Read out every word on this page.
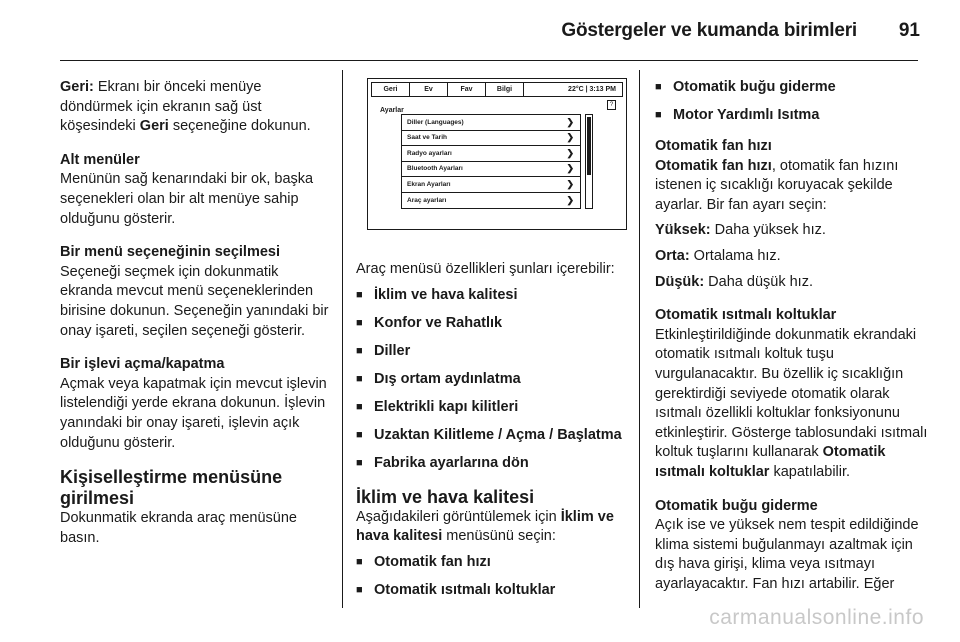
Göstergeler ve kumanda birimleri 91

Geri: Ekranı bir önceki menüye döndürmek için ekranın sağ üst köşesindeki Geri seçeneğine dokunun.

Alt menüler
Menünün sağ kenarındaki bir ok, başka seçenekleri olan bir alt menüye sahip olduğunu gösterir.

Bir menü seçeneğinin seçilmesi
Seçeneği seçmek için dokunmatik ekranda mevcut menü seçeneklerinden birisine dokunun. Seçeneğin yanındaki bir onay işareti, seçilen seçeneği gösterir.

Bir işlevi açma/kapatma
Açmak veya kapatmak için mevcut işlevin listelendiği yerde ekrana dokunun. İşlevin yanındaki bir onay işareti, işlevin açık olduğunu gösterir.

Kişiselleştirme menüsüne girilmesi

Dokunmatik ekranda araç menüsüne basın.

Geri	Ev	Fav	Bilgi	22°C | 3:13 PM
Ayarlar
?
Diller (Languages)	❯
Saat ve Tarih	❯
Radyo ayarları	❯
Bluetooth Ayarları	❯
Ekran Ayarları	❯
Araç ayarları	❯

Araç menüsü özellikleri şunları içerebilir:

■ İklim ve hava kalitesi
■ Konfor ve Rahatlık
■ Diller
■ Dış ortam aydınlatma
■ Elektrikli kapı kilitleri
■ Uzaktan Kilitleme / Açma / Başlatma
■ Fabrika ayarlarına dön
İklim ve hava kalitesi

Aşağıdakileri görüntülemek için İklim ve hava kalitesi menüsünü seçin:

■ Otomatik fan hızı
■ Otomatik ısıtmalı koltuklar
■ Otomatik buğu giderme
■ Motor Yardımlı Isıtma

Otomatik fan hızı
Otomatik fan hızı, otomatik fan hızını istenen iç sıcaklığı koruyacak şekilde ayarlar. Bir fan ayarı seçin:

Yüksek: Daha yüksek hız.

Orta: Ortalama hız.

Düşük: Daha düşük hız.

Otomatik ısıtmalı koltuklar
Etkinleştirildiğinde dokunmatik ekrandaki otomatik ısıtmalı koltuk tuşu vurgulanacaktır. Bu özellik iç sıcaklığın gerektirdiği seviyede otomatik olarak ısıtmalı özellikli koltuklar fonksiyonunu etkinleştirir. Gösterge tablosundaki ısıtmalı koltuk tuşlarını kullanarak Otomatik ısıtmalı koltuklar kapatılabilir.

Otomatik buğu giderme
Açık ise ve yüksek nem tespit edildiğinde klima sistemi buğulanmayı azaltmak için dış hava girişi, klima veya ısıtmayı ayarlayacaktır. Fan hızı artabilir. Eğer

carmanualsonline.info
